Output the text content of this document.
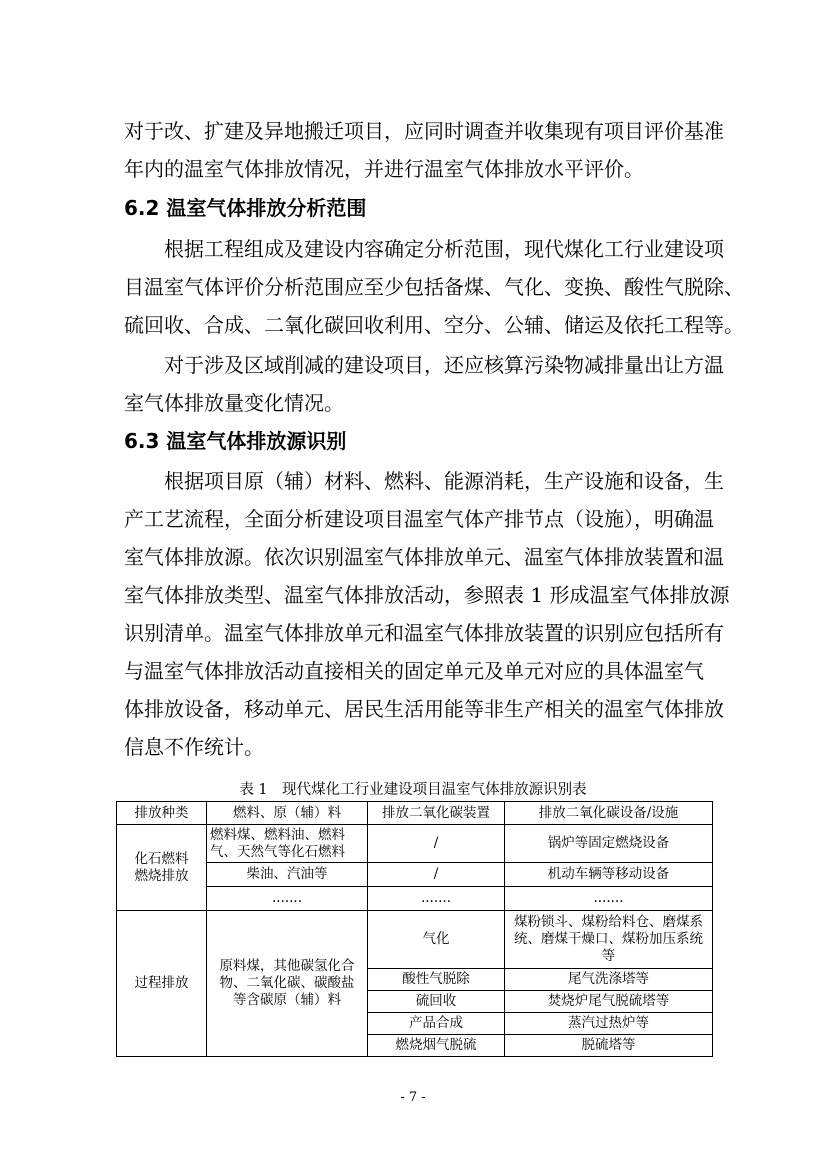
对于改、扩建及异地搬迁项目，应同时调查并收集现有项目评价基准
年内的温室气体排放情况，并进行温室气体排放水平评价。

6.2 温室气体排放分析范围

根据工程组成及建设内容确定分析范围，现代煤化工行业建设项
目温室气体评价分析范围应至少包括备煤、气化、变换、酸性气脱除、
硫回收、合成、二氧化碳回收利用、空分、公辅、储运及依托工程等。

对于涉及区域削减的建设项目，还应核算污染物减排量出让方温
室气体排放量变化情况。

6.3 温室气体排放源识别

根据项目原（辅）材料、燃料、能源消耗，生产设施和设备，生
产工艺流程，全面分析建设项目温室气体产排节点（设施），明确温
室气体排放源。依次识别温室气体排放单元、温室气体排放装置和温
室气体排放类型、温室气体排放活动，参照表 1 形成温室气体排放源
识别清单。温室气体排放单元和温室气体排放装置的识别应包括所有
与温室气体排放活动直接相关的固定单元及单元对应的具体温室气
体排放设备，移动单元、居民生活用能等非生产相关的温室气体排放
信息不作统计。

表 1　现代煤化工行业建设项目温室气体排放源识别表
排放种类	燃料、原（辅）料	排放二氧化碳装置	排放二氧化碳设备/设施

化石燃料
燃烧排放	燃料煤、燃料油、燃料气、天然气等化石燃料	/	锅炉等固定燃烧设备
	柴油、汽油等	/	机动车辆等移动设备
	.......	.......	.......
过程排放	原料煤，其他碳氢化合
物、二氧化碳、碳酸盐
等含碳原（辅）料	气化	煤粉锁斗、煤粉给料仓、磨煤系统、磨煤干燥口、煤粉加压系统等
		酸性气脱除	尾气洗涤塔等
		硫回收	焚烧炉尾气脱硫塔等
		产品合成	蒸汽过热炉等
		燃烧烟气脱硫	脱硫塔等
- 7 -
